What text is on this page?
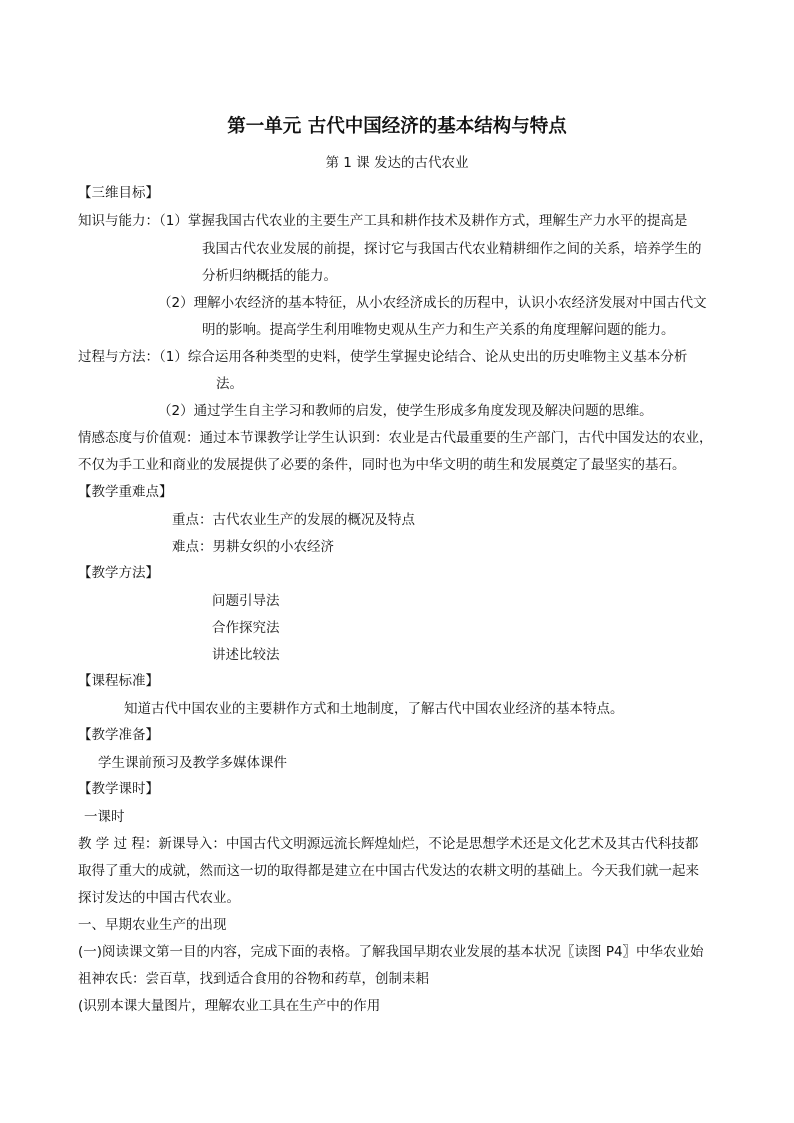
第一单元 古代中国经济的基本结构与特点
第 1 课 发达的古代农业
【三维目标】
知识与能力：（1）掌握我国古代农业的主要生产工具和耕作技术及耕作方式，理解生产力水平的提高是
我国古代农业发展的前提，探讨它与我国古代农业精耕细作之间的关系，培养学生的
分析归纳概括的能力。
（2）理解小农经济的基本特征，从小农经济成长的历程中，认识小农经济发展对中国古代文
明的影响。提高学生利用唯物史观从生产力和生产关系的角度理解问题的能力。
过程与方法：（1）综合运用各种类型的史料，使学生掌握史论结合、论从史出的历史唯物主义基本分析
法。
（2）通过学生自主学习和教师的启发，使学生形成多角度发现及解决问题的思维。
情感态度与价值观：通过本节课教学让学生认识到：农业是古代最重要的生产部门，古代中国发达的农业，
不仅为手工业和商业的发展提供了必要的条件，同时也为中华文明的萌生和发展奠定了最坚实的基石。
【教学重难点】
重点：古代农业生产的发展的概况及特点
难点：男耕女织的小农经济
【教学方法】
问题引导法
合作探究法
讲述比较法
【课程标准】
知道古代中国农业的主要耕作方式和土地制度，了解古代中国农业经济的基本特点。
【教学准备】
学生课前预习及教学多媒体课件
【教学课时】
一课时
教 学 过 程：新课导入：中国古代文明源远流长辉煌灿烂，不论是思想学术还是文化艺术及其古代科技都
取得了重大的成就，然而这一切的取得都是建立在中国古代发达的农耕文明的基础上。今天我们就一起来
探讨发达的中国古代农业。
一、早期农业生产的出现
(一)阅读课文第一目的内容，完成下面的表格。了解我国早期农业发展的基本状况〖读图 P4〗中华农业始
祖神农氏：尝百草，找到适合食用的谷物和药草，创制耒耜
(识别本课大量图片，理解农业工具在生产中的作用
